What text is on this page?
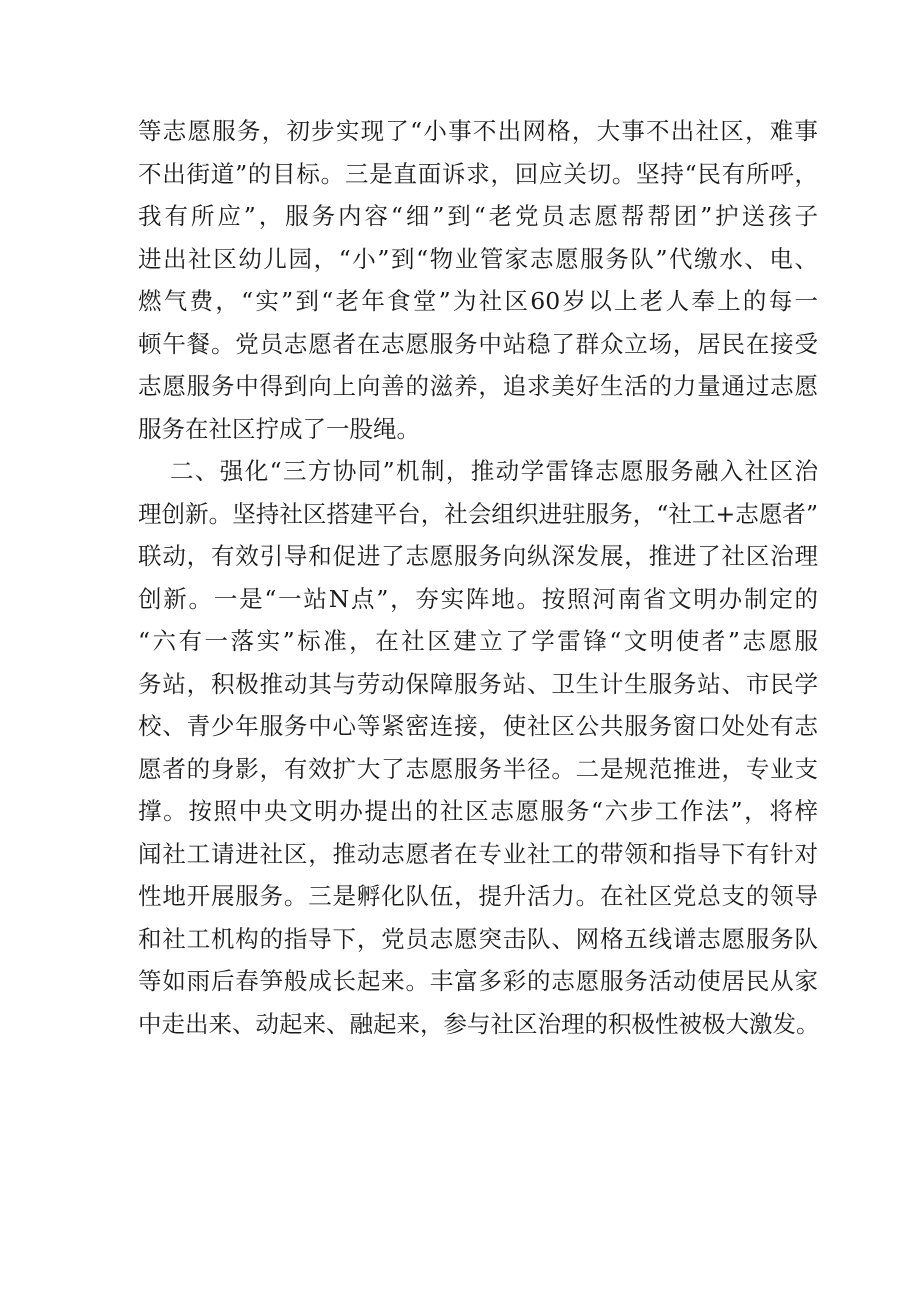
等志愿服务，初步实现了“小事不出网格，大事不出社区，难事
不出街道”的目标。三是直面诉求，回应关切。坚持“民有所呼，
我有所应”，服务内容“细”到“老党员志愿帮帮团”护送孩子
进出社区幼儿园，“小”到“物业管家志愿服务队”代缴水、电、
燃气费，“实”到“老年食堂”为社区60岁以上老人奉上的每一
顿午餐。党员志愿者在志愿服务中站稳了群众立场，居民在接受
志愿服务中得到向上向善的滋养，追求美好生活的力量通过志愿
服务在社区拧成了一股绳。

二、强化“三方协同”机制，推动学雷锋志愿服务融入社区治
理创新。坚持社区搭建平台，社会组织进驻服务，“社工+志愿者”
联动，有效引导和促进了志愿服务向纵深发展，推进了社区治理
创新。一是“一站N点”，夯实阵地。按照河南省文明办制定的
“六有一落实”标准，在社区建立了学雷锋“文明使者”志愿服
务站，积极推动其与劳动保障服务站、卫生计生服务站、市民学
校、青少年服务中心等紧密连接，使社区公共服务窗口处处有志
愿者的身影，有效扩大了志愿服务半径。二是规范推进，专业支
撑。按照中央文明办提出的社区志愿服务“六步工作法”，将梓
闻社工请进社区，推动志愿者在专业社工的带领和指导下有针对
性地开展服务。三是孵化队伍，提升活力。在社区党总支的领导
和社工机构的指导下，党员志愿突击队、网格五线谱志愿服务队
等如雨后春笋般成长起来。丰富多彩的志愿服务活动使居民从家
中走出来、动起来、融起来，参与社区治理的积极性被极大激发。
